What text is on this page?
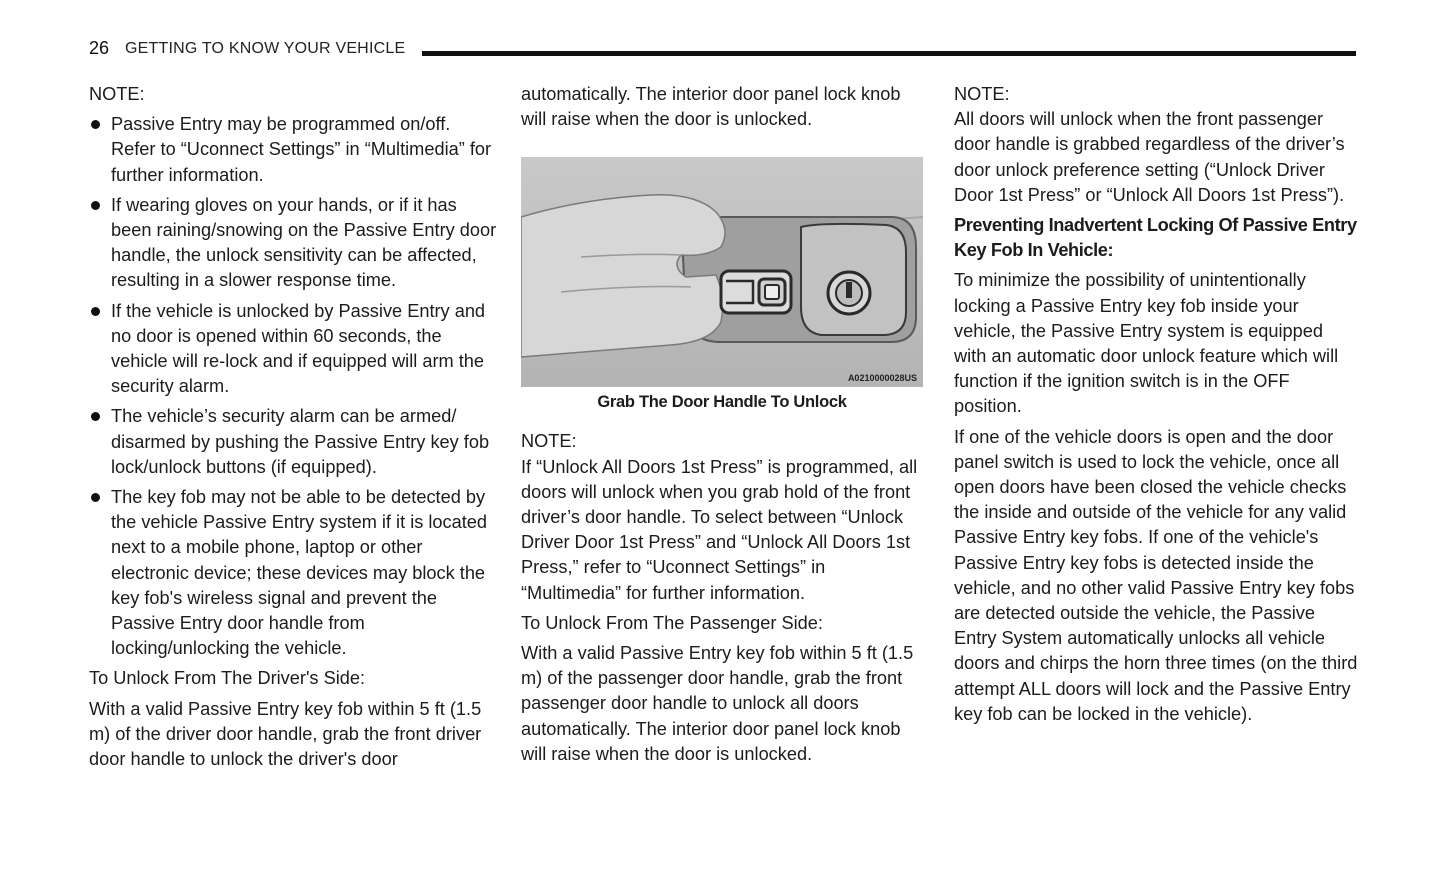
26 GETTING TO KNOW YOUR VEHICLE

NOTE:

Passive Entry may be programmed on/off. Refer to “Uconnect Settings” in “Multimedia” for further information.
If wearing gloves on your hands, or if it has been raining/snowing on the Passive Entry door handle, the unlock sensitivity can be affected, resulting in a slower response time.
If the vehicle is unlocked by Passive Entry and no door is opened within 60 seconds, the vehicle will re-lock and if equipped will arm the security alarm.
The vehicle’s security alarm can be armed/ disarmed by pushing the Passive Entry key fob lock/unlock buttons (if equipped).
The key fob may not be able to be detected by the vehicle Passive Entry system if it is located next to a mobile phone, laptop or other electronic device; these devices may block the key fob's wireless signal and prevent the Passive Entry door handle from locking/unlocking the vehicle.

To Unlock From The Driver's Side:

With a valid Passive Entry key fob within 5 ft (1.5 m) of the driver door handle, grab the front driver door handle to unlock the driver's door

automatically. The interior door panel lock knob will raise when the door is unlocked.

A0210000028US
Grab The Door Handle To Unlock

NOTE:

If “Unlock All Doors 1st Press” is programmed, all doors will unlock when you grab hold of the front driver’s door handle. To select between “Unlock Driver Door 1st Press” and “Unlock All Doors 1st Press,” refer to “Uconnect Settings” in “Multimedia” for further information.

To Unlock From The Passenger Side:

With a valid Passive Entry key fob within 5 ft (1.5 m) of the passenger door handle, grab the front passenger door handle to unlock all doors automatically. The interior door panel lock knob will raise when the door is unlocked.

NOTE:

All doors will unlock when the front passenger door handle is grabbed regardless of the driver’s door unlock preference setting (“Unlock Driver Door 1st Press” or “Unlock All Doors 1st Press”).

Preventing Inadvertent Locking Of Passive Entry Key Fob In Vehicle:

To minimize the possibility of unintentionally locking a Passive Entry key fob inside your vehicle, the Passive Entry system is equipped with an automatic door unlock feature which will function if the ignition switch is in the OFF position.

If one of the vehicle doors is open and the door panel switch is used to lock the vehicle, once all open doors have been closed the vehicle checks the inside and outside of the vehicle for any valid Passive Entry key fobs. If one of the vehicle's Passive Entry key fobs is detected inside the vehicle, and no other valid Passive Entry key fobs are detected outside the vehicle, the Passive Entry System automatically unlocks all vehicle doors and chirps the horn three times (on the third attempt ALL doors will lock and the Passive Entry key fob can be locked in the vehicle).
